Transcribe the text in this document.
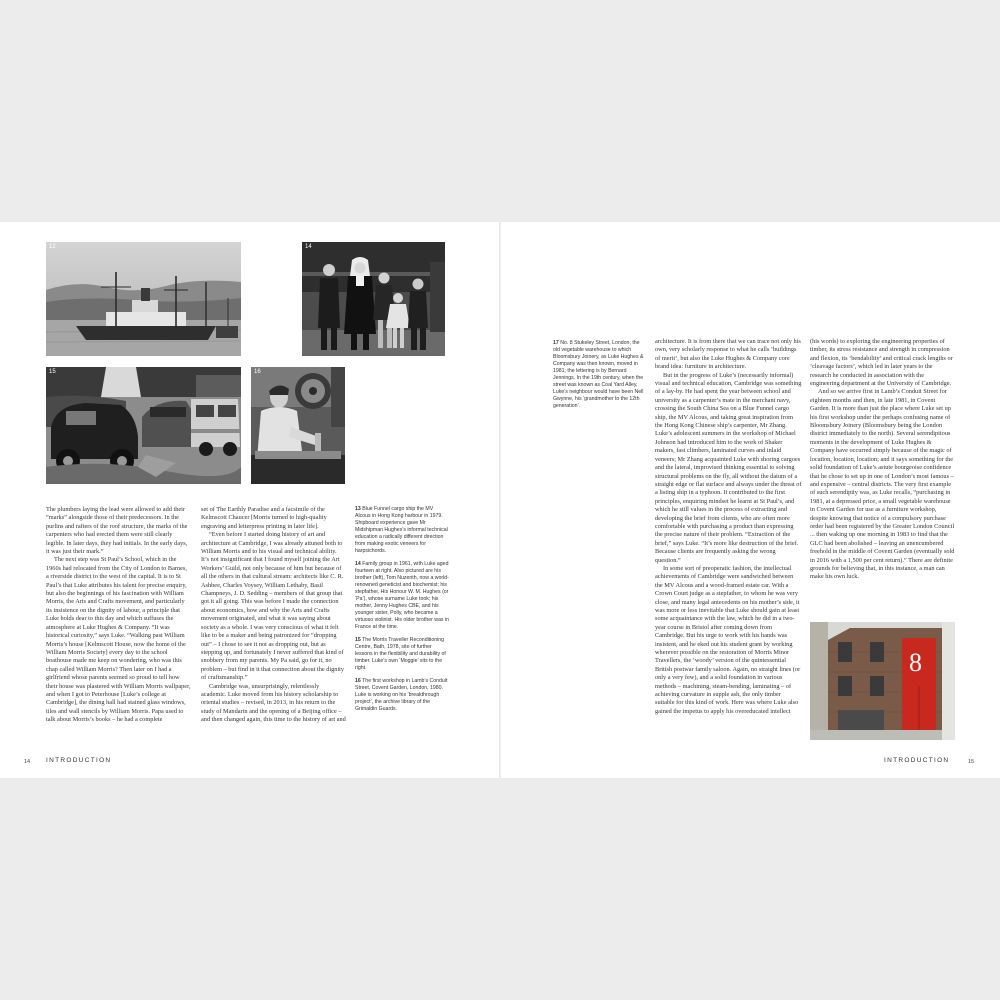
12	14
15	16

The plumbers laying the lead were allowed to add their “marks” alongside those of their predecessors. In the purlins and rafters of the roof structure, the marks of the carpenters who had erected them were still clearly legible. In later days, they had initials. In the early days, it was just their mark.”

The next step was St Paul’s School, which in the 1960s had relocated from the City of London to Barnes, a riverside district to the west of the capital. It is to St Paul’s that Luke attributes his talent for precise enquiry, but also the beginnings of his fascination with William Morris, the Arts and Crafts movement, and particularly its insistence on the dignity of labour, a principle that Luke holds dear to this day and which suffuses the atmosphere at Luke Hughes & Company. “It was historical curiosity,” says Luke. “Walking past William Morris’s house [Kelmscott House, now the home of the William Morris Society] every day to the school boathouse made me keep on wondering, who was this chap called William Morris? Then later on I had a girlfriend whose parents seemed so proud to tell how their house was plastered with William Morris wallpaper, and when I got to Peterhouse [Luke’s college at Cambridge], the dining hall had stained glass windows, tiles and wall stencils by William Morris. Papa used to talk about Morris’s books – he had a complete

set of The Earthly Paradise and a facsimile of the Kelmscott Chaucer [Morris turned to high-quality engraving and letterpress printing in later life].

“Even before I started doing history of art and architecture at Cambridge, I was already attuned both to William Morris and to his visual and technical ability. It’s not insignificant that I found myself joining the Art Workers’ Guild, not only because of him but because of all the others in that cultural stream: architects like C. R. Ashbee, Charles Voysey, William Lethaby, Basil Champneys, J. D. Sedding – members of that group that got it all going. This was before I made the connection about economics, how and why the Arts and Crafts movement originated, and what it was saying about society as a whole. I was very conscious of what it felt like to be a maker and being patronized for “dropping out” – I chose to see it not as dropping out, but as stepping up, and fortunately I never suffered that kind of snobbery from my parents. My Pa said, go for it, no problem – but find in it that connection about the dignity of craftsmanship.”

Cambridge was, unsurprisingly, relentlessly academic. Luke moved from his history scholarship to oriental studies – revised, in 2013, in his return to the study of Mandarin and the opening of a Beijing office – and then changed again, this time to the history of art and

13 Blue Funnel cargo ship the MV Alcous in Hong Kong harbour in 1979. Shipboard experience gave Mr Midshipman Hughes’s informal technical education a radically different direction from making exotic veneers for harpsichords.

14 Family group in 1961, with Luke aged fourteen at right. Also pictured are his brother (left), Tom Nuzenth, now a world-renowned geneticist and biochemist; his stepfather, His Honour W. M. Hughes (or ‘Pa’), whose surname Luke took; his mother, Jenny Hughes CBE, and his younger sister, Polly, who became a virtuoso violinist. His older brother was in France at the time.

15 The Morris Traveller Reconditioning Centre, Bath, 1978, site of further lessons in the flexibility and durability of timber. Luke’s own ‘Moggie’ sits to the right.

16 The first workshop in Lamb’s Conduit Street, Covent Garden, London, 1980. Luke is working on his ‘breakthrough project’, the archive library of the Grimaldin Guards.

14 INTRODUCTION

17 No. 8 Stukeley Street, London, the old vegetable warehouse to which Bloomsbury Joinery, as Luke Hughes & Company was then known, moved in 1981; the lettering is by Bernard Jennings. In the 19th century, when the street was known as Coal Yard Alley, Luke’s neighbour would have been Nell Gwynne, his ‘grandmother to the 12th generation’.

architecture. It is from there that we can trace not only his own, very scholarly response to what he calls ‘buildings of merit’, but also the Luke Hughes & Company core brand idea: furniture in architecture.

But in the progress of Luke’s (necessarily informal) visual and technical education, Cambridge was something of a lay-by. He had spent the year between school and university as a carpenter’s mate in the merchant navy, crossing the South China Sea on a Blue Funnel cargo ship, the MV Alcous, and taking great inspiration from the Hong Kong Chinese ship’s carpenter, Mr Zhang. Luke’s adolescent summers in the workshop of Michael Johnson had introduced him to the work of Shaker makers, fast climbers, laminated curves and inlaid veneers; Mr Zhang acquainted Luke with shoring cargoes and the lateral, improvised thinking essential to solving structural problems on the fly, all without the datum of a straight edge or flat surface and always under the threat of a listing ship in a typhoon. It contributed to the first principles, enquiring mindset he learnt at St Paul’s, and which he still values in the process of extracting and developing the brief from clients, who are often more comfortable with purchasing a product than expressing the precise nature of their problem. “Extraction of the brief,” says Luke. “It’s more like destruction of the brief. Because clients are frequently asking the wrong question.”

In some sort of preoperatic fashion, the intellectual achievements of Cambridge were sandwiched between the MV Alcous and a wood-framed estate car. With a Crown Court judge as a stepfather, to whom he was very close, and many legal antecedents on his mother’s side, it was more or less inevitable that Luke should gain at least some acquaintance with the law, which he did in a two-year course in Bristol after coming down from Cambridge. But his urge to work with his hands was insistent, and he eked out his student grant by working wherever possible on the restoration of Morris Minor Travellers, the ‘woody’ version of the quintessential British postwar family saloon. Again, no straight lines (or only a very few), and a solid foundation in various methods – machining, steam-bending, laminating – of achieving curvature in supple ash, the only timber suitable for this kind of work. Here was where Luke also gained the impetus to apply his overeducated intellect

(his words) to exploring the engineering properties of timber, its stress resistance and strength in compression and flexion, its ‘bendability’ and critical crack lengths or ‘cleavage factors’, which led in later years to the research he conducted in association with the engineering department at the University of Cambridge.

And so we arrive first in Lamb’s Conduit Street for eighteen months and then, in late 1981, in Covent Garden. It is more than just the place where Luke set up his first workshop under the perhaps confusing name of Bloomsbury Joinery (Bloomsbury being the London district immediately to the north). Several serendipitous moments in the development of Luke Hughes & Company have occurred simply because of the magic of location, location, location; and it says something for the solid foundation of Luke’s astute bourgeoise confidence that he chose to set up in one of London’s most famous – and expensive – central districts. The very first example of such serendipity was, as Luke recalls, “purchasing in 1981, at a depressed price, a small vegetable warehouse in Covent Garden for use as a furniture workshop, despite knowing that notice of a compulsory purchase order had been registered by the Greater London Council ... then waking up one morning in 1983 to find that the GLC had been abolished – leaving an unencumbered freehold in the middle of Covent Garden (eventually sold in 2016 with a 1,500 per cent return).” There are definite grounds for believing that, in this instance, a man can make his own luck.

8
INTRODUCTION	15
